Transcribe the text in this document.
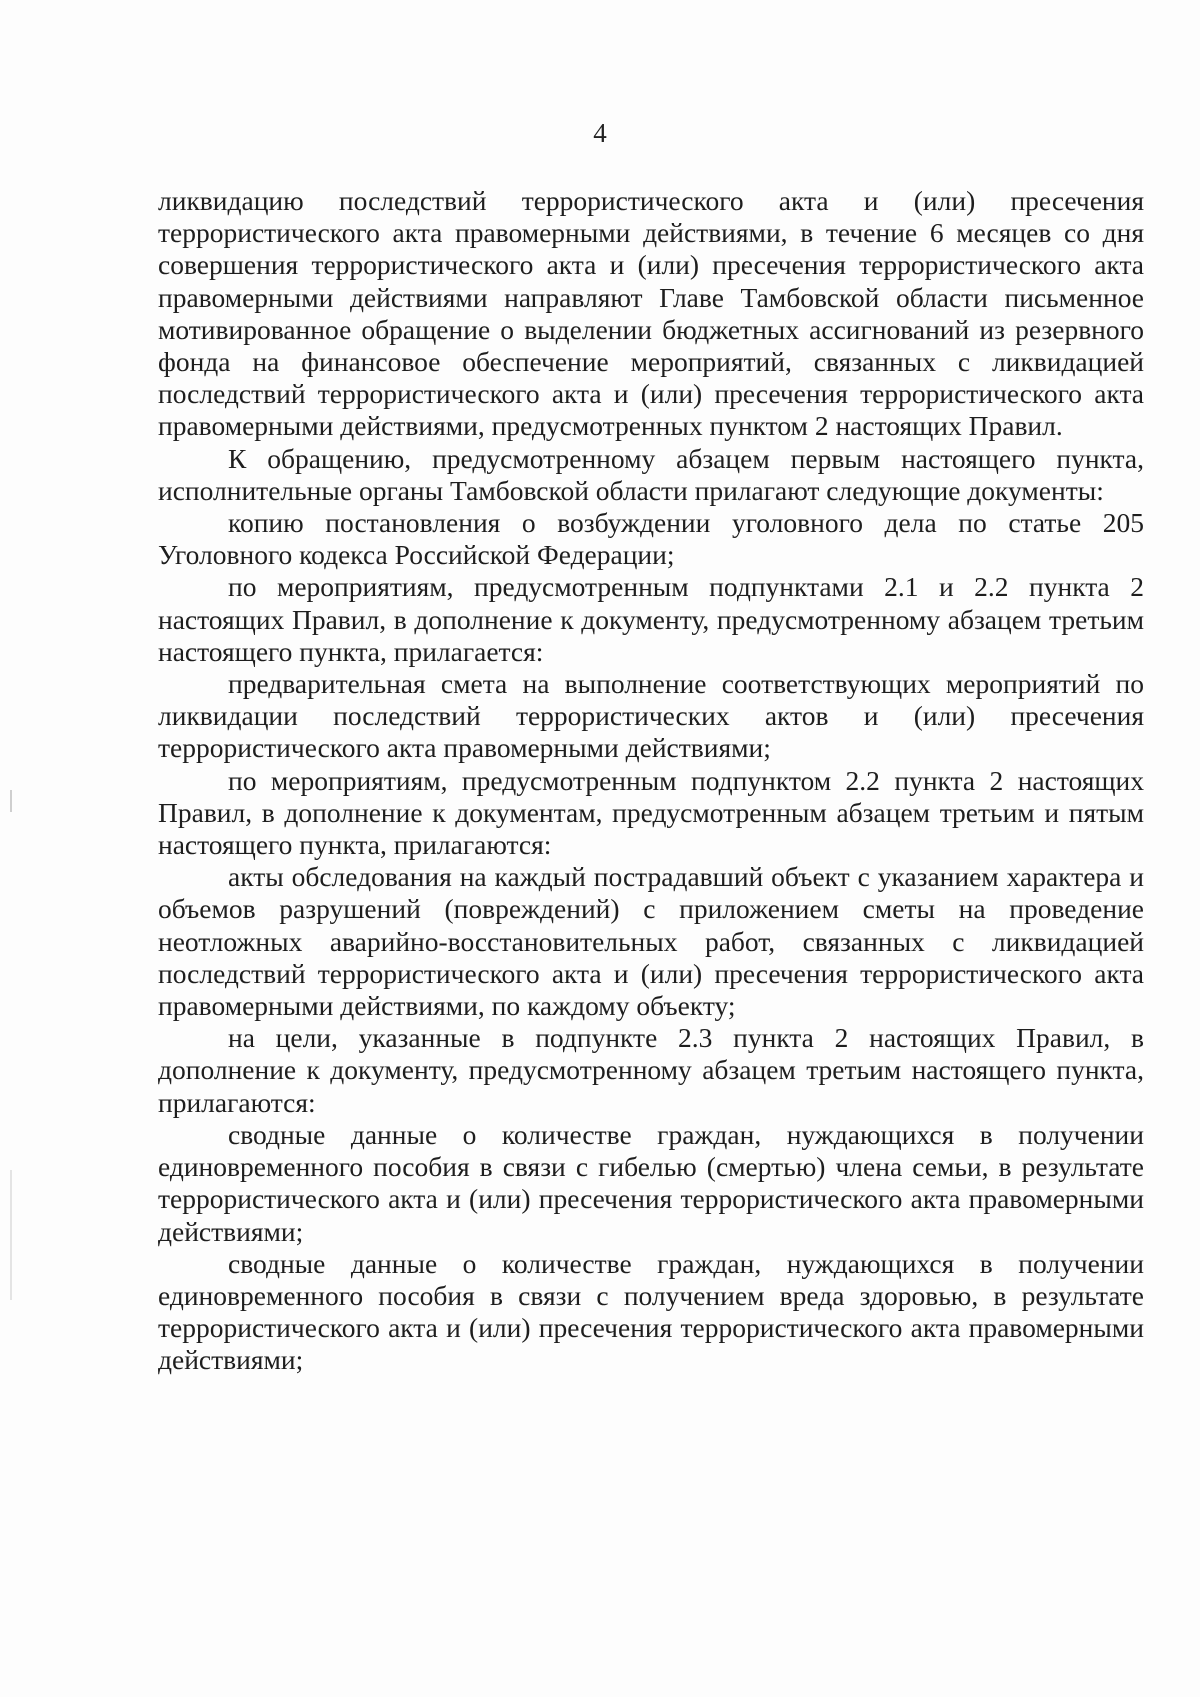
4

ликвидацию последствий террористического акта и (или) пресечения террористического акта правомерными действиями, в течение 6 месяцев со дня совершения террористического акта и (или) пресечения террористического акта правомерными действиями направляют Главе Тамбовской области письменное мотивированное обращение о выделении бюджетных ассигнований из резервного фонда на финансовое обеспечение мероприятий, связанных с ликвидацией последствий террористического акта и (или) пресечения террористического акта правомерными действиями, предусмотренных пунктом 2 настоящих Правил.

К обращению, предусмотренному абзацем первым настоящего пункта, исполнительные органы Тамбовской области прилагают следующие документы:

копию постановления о возбуждении уголовного дела по статье 205 Уголовного кодекса Российской Федерации;

по мероприятиям, предусмотренным подпунктами 2.1 и 2.2 пункта 2 настоящих Правил, в дополнение к документу, предусмотренному абзацем третьим настоящего пункта, прилагается:

предварительная смета на выполнение соответствующих мероприятий по ликвидации последствий террористических актов и (или) пресечения террористического акта правомерными действиями;

по мероприятиям, предусмотренным подпунктом 2.2 пункта 2 настоящих Правил, в дополнение к документам, предусмотренным абзацем третьим и пятым настоящего пункта, прилагаются:

акты обследования на каждый пострадавший объект с указанием характера и объемов разрушений (повреждений) с приложением сметы на проведение неотложных аварийно-восстановительных работ, связанных с ликвидацией последствий террористического акта и (или) пресечения террористического акта правомерными действиями, по каждому объекту;

на цели, указанные в подпункте 2.3 пункта 2 настоящих Правил, в дополнение к документу, предусмотренному абзацем третьим настоящего пункта, прилагаются:

сводные данные о количестве граждан, нуждающихся в получении единовременного пособия в связи с гибелью (смертью) члена семьи, в результате террористического акта и (или) пресечения террористического акта правомерными действиями;

сводные данные о количестве граждан, нуждающихся в получении единовременного пособия в связи с получением вреда здоровью, в результате террористического акта и (или) пресечения террористического акта правомерными действиями;
